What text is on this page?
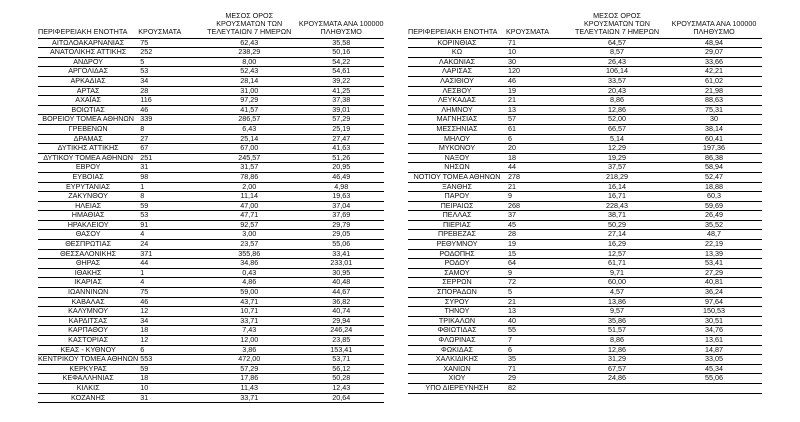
ΠΕΡΙΦΕΡΕΙΑΚΗ ΕΝΟΤΗΤΑ	ΚΡΟΥΣΜΑΤΑ	ΜΕΣΟΣ ΟΡΟΣ ΚΡΟΥΣΜΑΤΩΝ ΤΩΝ ΤΕΛΕΥΤΑΙΩΝ 7 ΗΜΕΡΩΝ	ΚΡΟΥΣΜΑΤΑ ΑΝΑ 100000 ΠΛΗΘΥΣΜΟ
ΑΙΤΩΛΟΑΚΑΡΝΑΝΙΑΣ	75	62,43	35,58
ΑΝΑΤΟΛΙΚΗΣ ΑΤΤΙΚΗΣ	252	238,29	50,16
ΑΝΔΡΟΥ	5	8,00	54,22
ΑΡΓΟΛΙΔΑΣ	53	52,43	54,61
ΑΡΚΑΔΙΑΣ	34	28,14	39,22
ΑΡΤΑΣ	28	31,00	41,25
ΑΧΑΪΑΣ	116	97,29	37,38
ΒΟΙΩΤΙΑΣ	46	41,57	39,01
ΒΟΡΕΙΟΥ ΤΟΜΕΑ ΑΘΗΝΩΝ	339	286,57	57,29
ΓΡΕΒΕΝΩΝ	8	6,43	25,19
ΔΡΑΜΑΣ	27	25,14	27,47
ΔΥΤΙΚΗΣ ΑΤΤΙΚΗΣ	67	67,00	41,63
ΔΥΤΙΚΟΥ ΤΟΜΕΑ ΑΘΗΝΩΝ	251	245,57	51,26
ΕΒΡΟΥ	31	31,57	20,95
ΕΥΒΟΙΑΣ	98	78,86	46,49
ΕΥΡΥΤΑΝΙΑΣ	1	2,00	4,98
ΖΑΚΥΝΘΟΥ	8	11,14	19,63
ΗΛΕΙΑΣ	59	47,00	37,04
ΗΜΑΘΙΑΣ	53	47,71	37,69
ΗΡΑΚΛΕΙΟΥ	91	92,57	29,79
ΘΑΣΟΥ	4	3,00	29,05
ΘΕΣΠΡΩΤΙΑΣ	24	23,57	55,06
ΘΕΣΣΑΛΟΝΙΚΗΣ	371	355,86	33,41
ΘΗΡΑΣ	44	34,86	233,01
ΙΘΑΚΗΣ	1	0,43	30,95
ΙΚΑΡΙΑΣ	4	4,86	40,48
ΙΩΑΝΝΙΝΩΝ	75	59,00	44,67
ΚΑΒΑΛΑΣ	46	43,71	36,82
ΚΑΛΥΜΝΟΥ	12	10,71	40,74
ΚΑΡΔΙΤΣΑΣ	34	33,71	29,94
ΚΑΡΠΑΘΟΥ	18	7,43	246,24
ΚΑΣΤΟΡΙΑΣ	12	12,00	23,85
ΚΕΑΣ - ΚΥΘΝΟΥ	6	3,86	153,41
ΚΕΝΤΡΙΚΟΥ ΤΟΜΕΑ ΑΘΗΝΩΝ	553	472,00	53,71
ΚΕΡΚΥΡΑΣ	59	57,29	56,12
ΚΕΦΑΛΛΗΝΙΑΣ	18	17,86	50,28
ΚΙΛΚΙΣ	10	11,43	12,43
ΚΟΖΑΝΗΣ	31	33,71	20,64
ΠΕΡΙΦΕΡΕΙΑΚΗ ΕΝΟΤΗΤΑ	ΚΡΟΥΣΜΑΤΑ	ΜΕΣΟΣ ΟΡΟΣ ΚΡΟΥΣΜΑΤΩΝ ΤΩΝ ΤΕΛΕΥΤΑΙΩΝ 7 ΗΜΕΡΩΝ	ΚΡΟΥΣΜΑΤΑ ΑΝΑ 100000 ΠΛΗΘΥΣΜΟ
ΚΟΡΙΝΘΙΑΣ	71	64,57	48,94
ΚΩ	10	8,57	29,07
ΛΑΚΩΝΙΑΣ	30	26,43	33,66
ΛΑΡΙΣΑΣ	120	106,14	42,21
ΛΑΣΙΘΙΟΥ	46	33,57	61,02
ΛΕΣΒΟΥ	19	20,43	21,98
ΛΕΥΚΑΔΑΣ	21	8,86	88,63
ΛΗΜΝΟΥ	13	12,86	75,31
ΜΑΓΝΗΣΙΑΣ	57	52,00	30
ΜΕΣΣΗΝΙΑΣ	61	66,57	38,14
ΜΗΛΟΥ	6	5,14	60,41
ΜΥΚΟΝΟΥ	20	12,29	197,36
ΝΑΞΟΥ	18	19,29	86,38
ΝΗΣΩΝ	44	37,57	58,94
ΝΟΤΙΟΥ ΤΟΜΕΑ ΑΘΗΝΩΝ	278	218,29	52,47
ΞΑΝΘΗΣ	21	16,14	18,88
ΠΑΡΟΥ	9	16,71	60,3
ΠΕΙΡΑΙΩΣ	268	228,43	59,69
ΠΕΛΛΑΣ	37	38,71	26,49
ΠΙΕΡΙΑΣ	45	50,29	35,52
ΠΡΕΒΕΖΑΣ	28	27,14	48,7
ΡΕΘΥΜΝΟΥ	19	16,29	22,19
ΡΟΔΟΠΗΣ	15	12,57	13,39
ΡΟΔΟΥ	64	61,71	53,41
ΣΑΜΟΥ	9	9,71	27,29
ΣΕΡΡΩΝ	72	60,00	40,81
ΣΠΟΡΑΔΩΝ	5	4,57	36,24
ΣΥΡΟΥ	21	13,86	97,64
ΤΗΝΟΥ	13	9,57	150,53
ΤΡΙΚΑΛΩΝ	40	35,86	30,51
ΦΘΙΩΤΙΔΑΣ	55	51,57	34,76
ΦΛΩΡΙΝΑΣ	7	8,86	13,61
ΦΩΚΙΔΑΣ	6	12,86	14,87
ΧΑΛΚΙΔΙΚΗΣ	35	31,29	33,05
ΧΑΝΙΩΝ	71	67,57	45,34
ΧΙΟΥ	29	24,86	55,06
ΥΠΟ ΔΙΕΡΕΥΝΗΣΗ	82		
